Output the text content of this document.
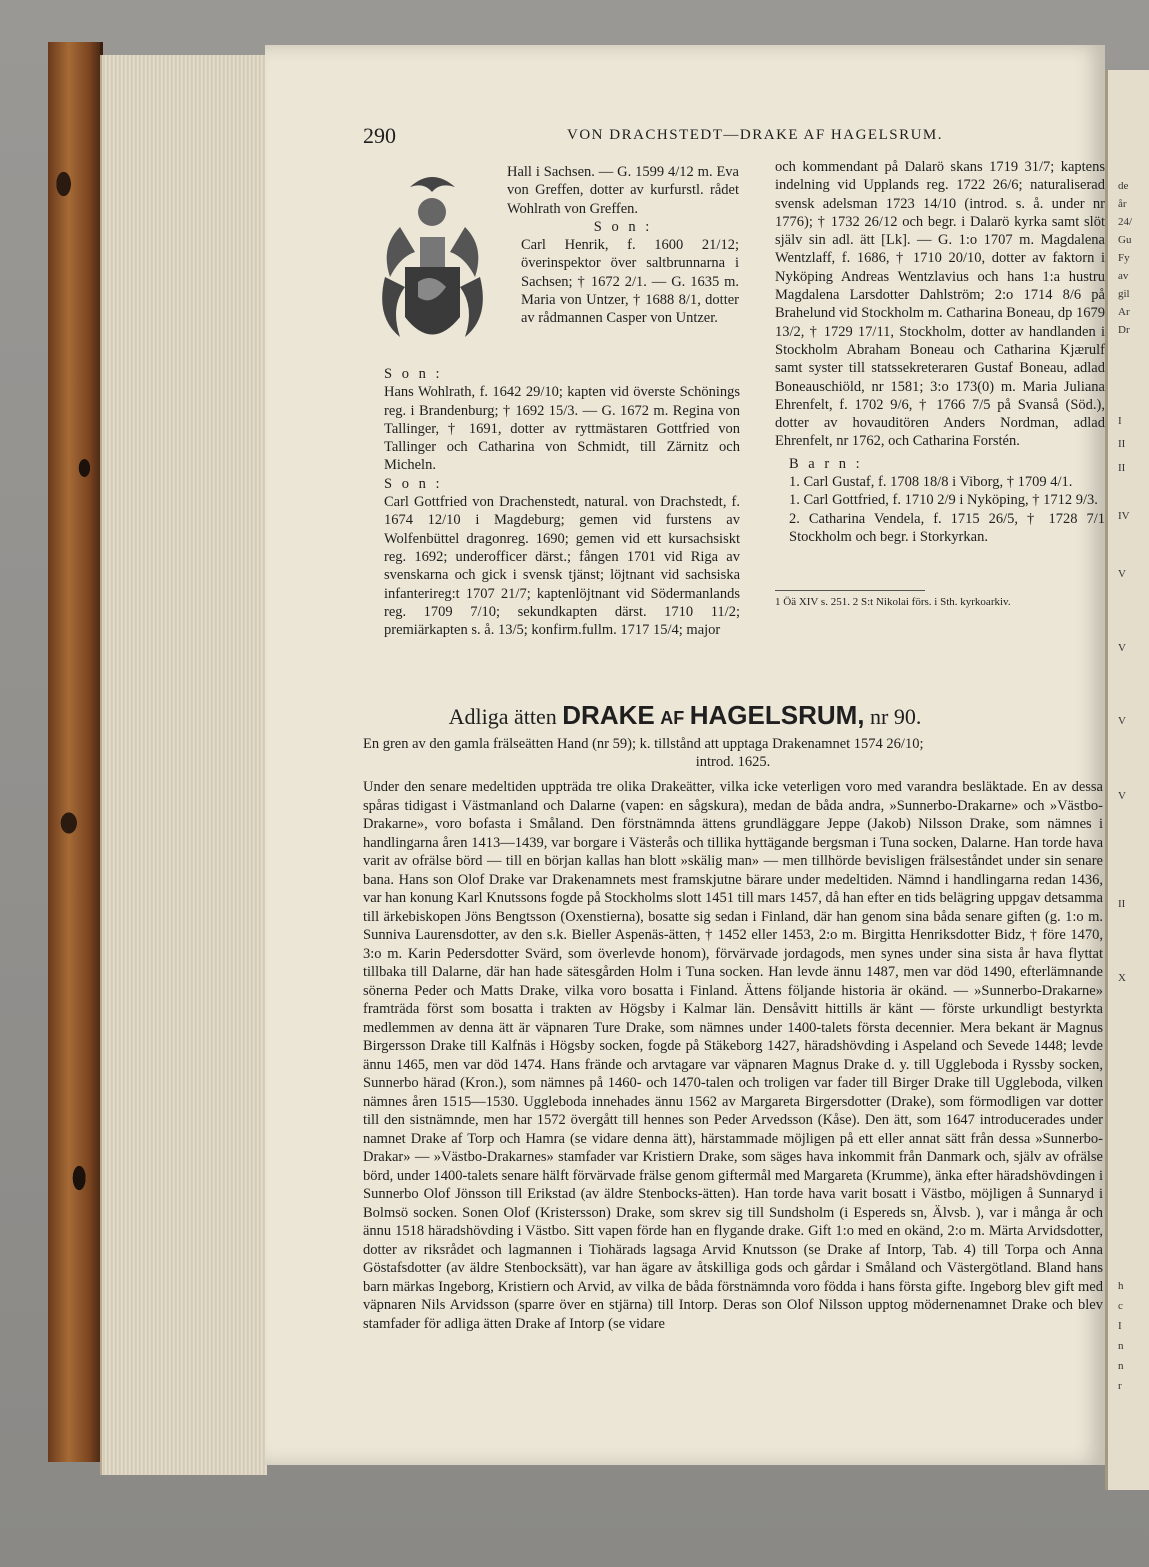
290	VON DRACHSTEDT—DRAKE AF HAGELSRUM.

Hall i Sachsen. — G. 1599 4/12 m. Eva von Greffen, dotter av kurfurstl. rådet Wohlrath von Greffen.

S o n :

Carl Henrik, f. 1600 21/12; överinspektor över saltbrunnarna i Sachsen; † 1672 2/1. — G. 1635 m. Maria von Untzer, † 1688 8/1, dotter av rådmannen Casper von Untzer.

S o n :

Hans Wohlrath, f. 1642 29/10; kapten vid överste Schönings reg. i Brandenburg; † 1692 15/3. — G. 1672 m. Regina von Tallinger, † 1691, dotter av ryttmästaren Gottfried von Tallinger och Catharina von Schmidt, till Zärnitz och Micheln.

S o n :

Carl Gottfried von Drachenstedt, natural. von Drachstedt, f. 1674 12/10 i Magdeburg; gemen vid furstens av Wolfenbüttel dragonreg. 1690; gemen vid ett kursachsiskt reg. 1692; underofficer därst.; fången 1701 vid Riga av svenskarna och gick i svensk tjänst; löjtnant vid sachsiska infanterireg:t 1707 21/7; kaptenlöjtnant vid Södermanlands reg. 1709 7/10; sekundkapten därst. 1710 11/2; premiärkapten s. å. 13/5; konfirm.fullm. 1717 15/4; major

och kommendant på Dalarö skans 1719 31/7; kaptens indelning vid Upplands reg. 1722 26/6; naturaliserad svensk adelsman 1723 14/10 (introd. s. å. under nr 1776); † 1732 26/12 och begr. i Dalarö kyrka samt slöt själv sin adl. ätt [Lk]. — G. 1:o 1707 m. Magdalena Wentzlaff, f. 1686, † 1710 20/10, dotter av faktorn i Nyköping Andreas Wentzlavius och hans 1:a hustru Magdalena Larsdotter Dahlström; 2:o 1714 8/6 på Brahelund vid Stockholm m. Catharina Boneau, dp 1679 13/2, † 1729 17/11, Stockholm, dotter av handlanden i Stockholm Abraham Boneau och Catharina Kjærulf samt syster till statssekreteraren Gustaf Boneau, adlad Boneauschiöld, nr 1581; 3:o 173(0) m. Maria Juliana Ehrenfelt, f. 1702 9/6, † 1766 7/5 på Svanså (Söd.), dotter av hovauditören Anders Nordman, adlad Ehrenfelt, nr 1762, och Catharina Forstén.

B a r n :

1. Carl Gustaf, f. 1708 18/8 i Viborg, † 1709 4/1.

1. Carl Gottfried, f. 1710 2/9 i Nyköping, † 1712 9/3.

2. Catharina Vendela, f. 1715 26/5, † 1728 7/1 Stockholm och begr. i Storkyrkan.

1 Öä XIV s. 251. 2 S:t Nikolai förs. i Sth. kyrkoarkiv.
Adliga ätten DRAKE AF HAGELSRUM, nr 90.
En gren av den gamla frälseätten Hand (nr 59); k. tillstånd att upptaga Drakenamnet 1574 26/10;
introd. 1625.

Under den senare medeltiden uppträda tre olika Drakeätter, vilka icke veterligen voro med varandra besläktade. En av dessa spåras tidigast i Västmanland och Dalarne (vapen: en sågskura), medan de båda andra, »Sunnerbo-Drakarne» och »Västbo-Drakarne», voro bofasta i Småland. Den förstnämnda ättens grundläggare Jeppe (Jakob) Nilsson Drake, som nämnes i handlingarna åren 1413—1439, var borgare i Västerås och tillika hyttägande bergsman i Tuna socken, Dalarne. Han torde hava varit av ofrälse börd — till en början kallas han blott »skälig man» — men tillhörde bevisligen frälseståndet under sin senare bana. Hans son Olof Drake var Drakenamnets mest framskjutne bärare under medeltiden. Nämnd i handlingarna redan 1436, var han konung Karl Knutssons fogde på Stockholms slott 1451 till mars 1457, då han efter en tids belägring uppgav detsamma till ärkebiskopen Jöns Bengtsson (Oxenstierna), bosatte sig sedan i Finland, där han genom sina båda senare giften (g. 1:o m. Sunniva Laurensdotter, av den s.k. Bieller Aspenäs-ätten, † 1452 eller 1453, 2:o m. Birgitta Henriksdotter Bidz, † före 1470, 3:o m. Karin Pedersdotter Svärd, som överlevde honom), förvärvade jordagods, men synes under sina sista år hava flyttat tillbaka till Dalarne, där han hade sätesgården Holm i Tuna socken. Han levde ännu 1487, men var död 1490, efterlämnande sönerna Peder och Matts Drake, vilka voro bosatta i Finland. Ättens följande historia är okänd. — »Sunnerbo-Drakarne» framträda först som bosatta i trakten av Högsby i Kalmar län. Densåvitt hittills är känt — förste urkundligt bestyrkta medlemmen av denna ätt är väpnaren Ture Drake, som nämnes under 1400-talets första decennier. Mera bekant är Magnus Birgersson Drake till Kalfnäs i Högsby socken, fogde på Stäkeborg 1427, häradshövding i Aspeland och Sevede 1448; levde ännu 1465, men var död 1474. Hans frände och arvtagare var väpnaren Magnus Drake d. y. till Uggleboda i Ryssby socken, Sunnerbo härad (Kron.), som nämnes på 1460- och 1470-talen och troligen var fader till Birger Drake till Uggleboda, vilken nämnes åren 1515—1530. Uggleboda innehades ännu 1562 av Margareta Birgersdotter (Drake), som förmodligen var dotter till den sistnämnde, men har 1572 övergått till hennes son Peder Arvedsson (Kåse). Den ätt, som 1647 introducerades under namnet Drake af Torp och Hamra (se vidare denna ätt), härstammade möjligen på ett eller annat sätt från dessa »Sunnerbo-Drakar» — »Västbo-Drakarnes» stamfader var Kristiern Drake, som säges hava inkommit från Danmark och, själv av ofrälse börd, under 1400-talets senare hälft förvärvade frälse genom giftermål med Margareta (Krumme), änka efter häradshövdingen i Sunnerbo Olof Jönsson till Erikstad (av äldre Stenbocks-ätten). Han torde hava varit bosatt i Västbo, möjligen å Sunnaryd i Bolmsö socken. Sonen Olof (Kristersson) Drake, som skrev sig till Sundsholm (i Espereds sn, Älvsb. ), var i många år och ännu 1518 häradshövding i Västbo. Sitt vapen förde han en flygande drake. Gift 1:o med en okänd, 2:o m. Märta Arvidsdotter, dotter av riksrådet och lagmannen i Tiohärads lagsaga Arvid Knutsson (se Drake af Intorp, Tab. 4) till Torpa och Anna Göstafsdotter (av äldre Stenbocksätt), var han ägare av åtskilliga gods och gårdar i Småland och Västergötland. Bland hans barn märkas Ingeborg, Kristiern och Arvid, av vilka de båda förstnämnda voro födda i hans första gifte. Ingeborg blev gift med väpnaren Nils Arvidsson (sparre över en stjärna) till Intorp. Deras son Olof Nilsson upptog mödernenamnet Drake och blev stamfader för adliga ätten Drake af Intorp (se vidare

de
år
24/
Gu
Fy
av
gil
Ar
Dr
I
II
II
IV
V
V
V
V
II
X
h
c
I
n
n
r
